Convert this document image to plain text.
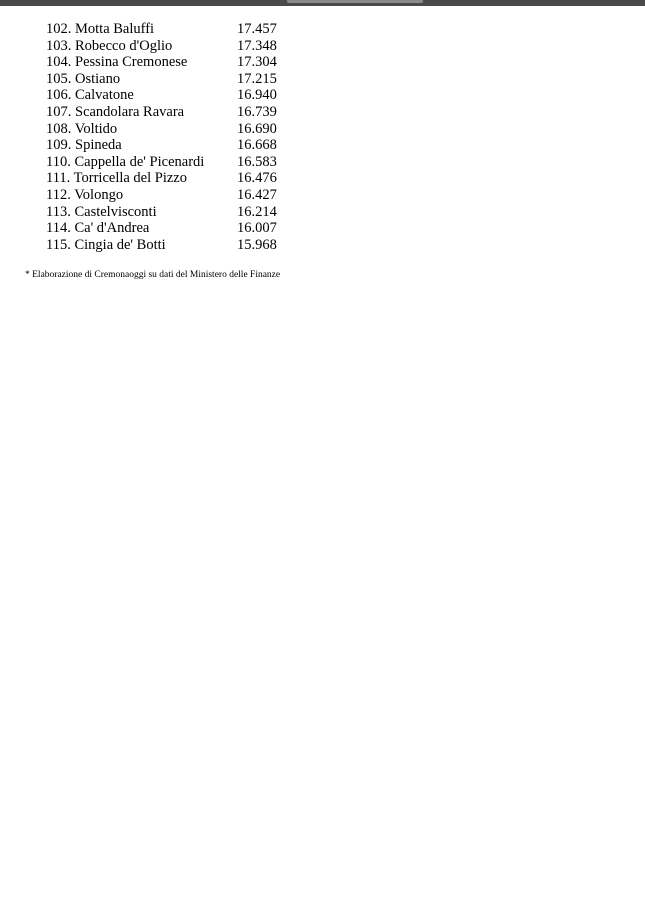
102. Motta Baluffi	17.457
103. Robecco d'Oglio	17.348
104. Pessina Cremonese	17.304
105. Ostiano	17.215
106. Calvatone	16.940
107. Scandolara Ravara	16.739
108. Voltido	16.690
109. Spineda	16.668
110. Cappella de' Picenardi 16.583
111. Torricella del Pizzo	16.476
112. Volongo	16.427
113. Castelvisconti	16.214
114. Ca' d'Andrea	16.007
115. Cingia de' Botti	15.968
* Elaborazione di Cremonaoggi su dati del Ministero delle Finanze
